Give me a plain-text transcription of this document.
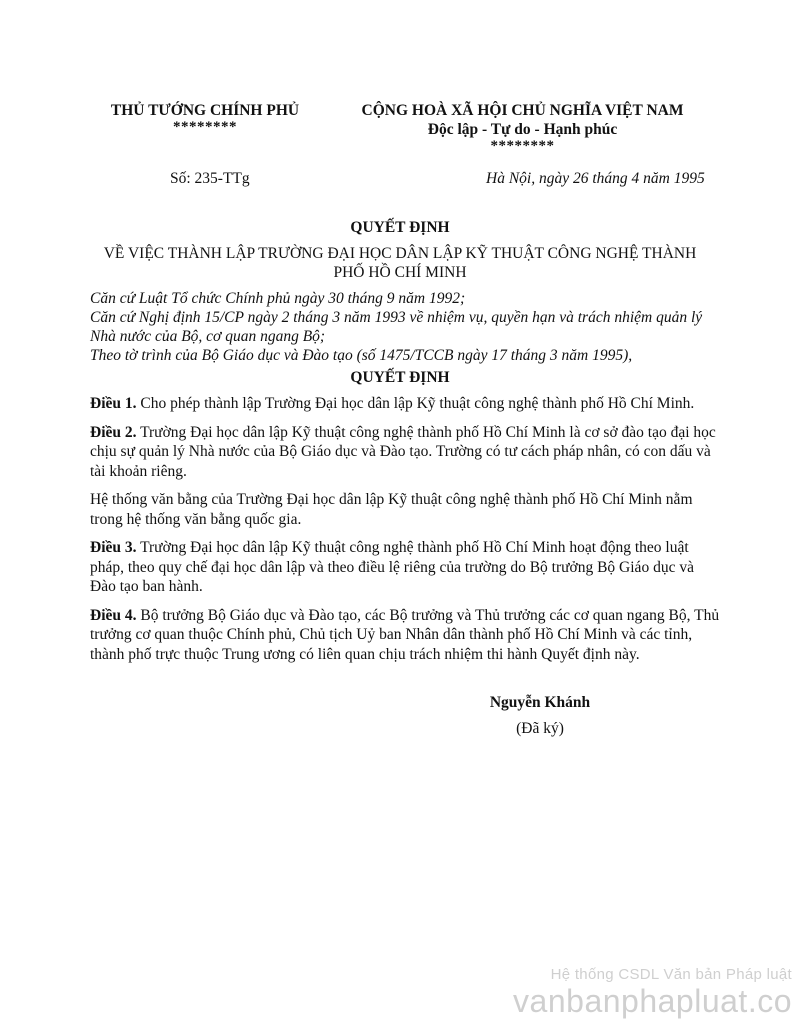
THỦ TƯỚNG CHÍNH PHỦ
********
CỘNG HOÀ XÃ HỘI CHỦ NGHĨA VIỆT NAM
Độc lập - Tự do - Hạnh phúc
********
Số: 235-TTg	Hà Nội, ngày 26 tháng 4 năm 1995
QUYẾT ĐỊNH
VỀ VIỆC THÀNH LẬP TRƯỜNG ĐẠI HỌC DÂN LẬP KỸ THUẬT CÔNG NGHỆ THÀNH PHỐ HỒ CHÍ MINH
Căn cứ Luật Tổ chức Chính phủ ngày 30 tháng 9 năm 1992;
Căn cứ Nghị định 15/CP ngày 2 tháng 3 năm 1993 về nhiệm vụ, quyền hạn và trách nhiệm quản lý Nhà nước của Bộ, cơ quan ngang Bộ;
Theo tờ trình của Bộ Giáo dục và Đào tạo (số 1475/TCCB ngày 17 tháng 3 năm 1995),
QUYẾT ĐỊNH

Điều 1. Cho phép thành lập Trường Đại học dân lập Kỹ thuật công nghệ thành phố Hồ Chí Minh.

Điều 2. Trường Đại học dân lập Kỹ thuật công nghệ thành phố Hồ Chí Minh là cơ sở đào tạo đại học chịu sự quản lý Nhà nước của Bộ Giáo dục và Đào tạo. Trường có tư cách pháp nhân, có con dấu và tài khoản riêng.

Hệ thống văn bằng của Trường Đại học dân lập Kỹ thuật công nghệ thành phố Hồ Chí Minh nằm trong hệ thống văn bằng quốc gia.

Điều 3. Trường Đại học dân lập Kỹ thuật công nghệ thành phố Hồ Chí Minh hoạt động theo luật pháp, theo quy chế đại học dân lập và theo điều lệ riêng của trường do Bộ trưởng Bộ Giáo dục và Đào tạo ban hành.

Điều 4. Bộ trưởng Bộ Giáo dục và Đào tạo, các Bộ trưởng và Thủ trưởng các cơ quan ngang Bộ, Thủ trưởng cơ quan thuộc Chính phủ, Chủ tịch Uỷ ban Nhân dân thành phố Hồ Chí Minh và các tỉnh, thành phố trực thuộc Trung ương có liên quan chịu trách nhiệm thi hành Quyết định này.

Nguyễn Khánh
(Đã ký)
Hệ thống CSDL Văn bản Pháp luật
vanbanphapluat.co
